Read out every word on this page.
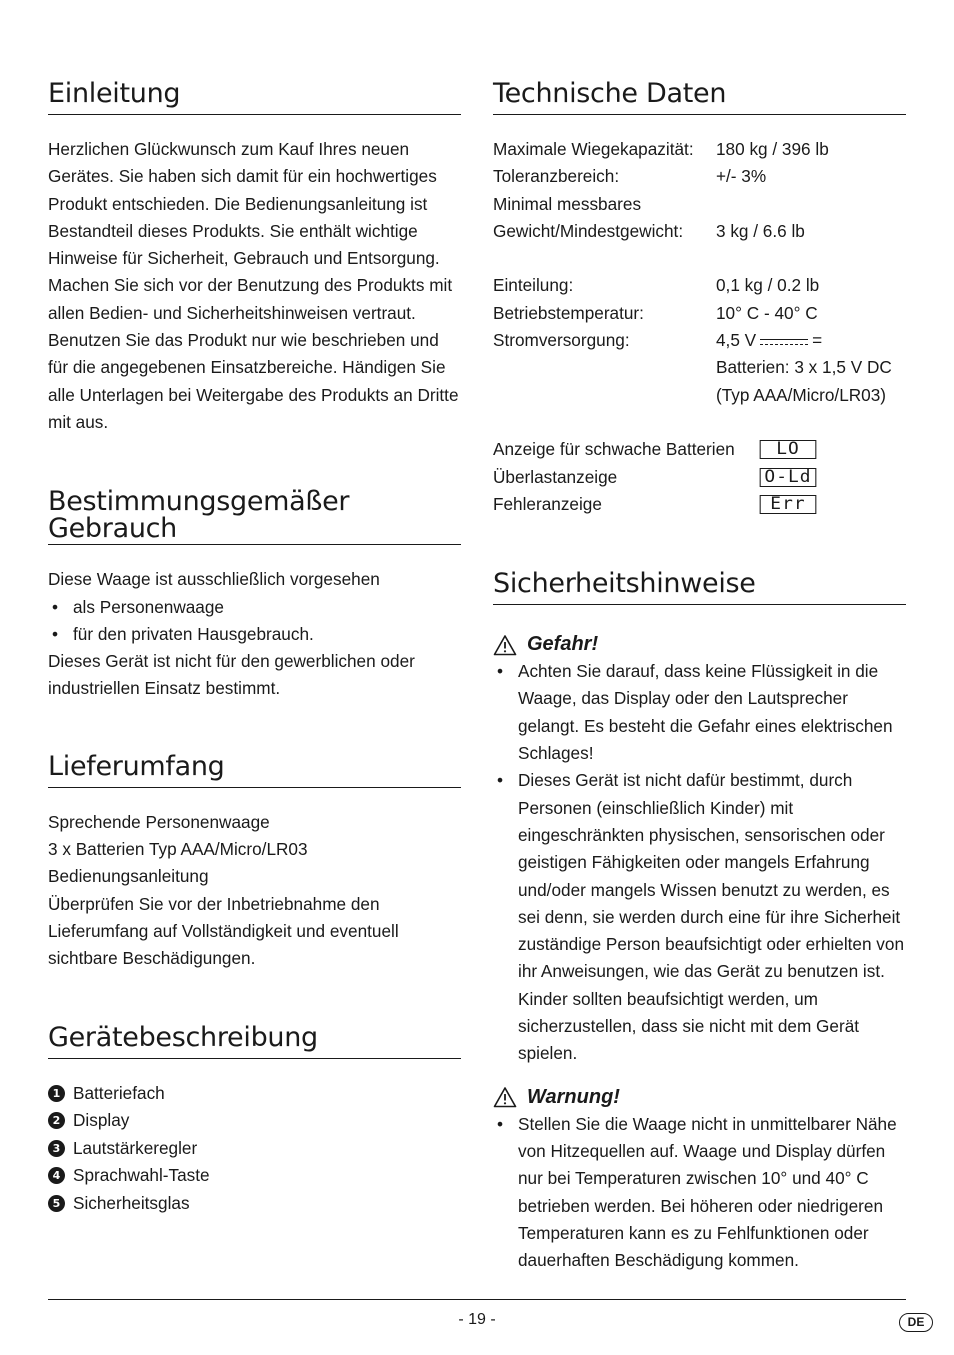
Einleitung

Herzlichen Glückwunsch zum Kauf Ihres neuen Gerätes. Sie haben sich damit für ein hochwertiges Produkt entschieden. Die Bedienungsanleitung ist Bestandteil dieses Produkts. Sie enthält wichtige Hinweise für Sicherheit, Gebrauch und Entsorgung. Machen Sie sich vor der Benutzung des Produkts mit allen Bedien- und Sicherheitshinweisen vertraut. Benutzen Sie das Produkt nur wie beschrieben und für die angegebenen Einsatzbereiche. Händigen Sie alle Unterlagen bei Weitergabe des Produkts an Dritte mit aus.

Bestimmungsgemäßer Gebrauch

Diese Waage ist ausschließlich vorgesehen

• als Personenwaage
• für den privaten Hausgebrauch.

Dieses Gerät ist nicht für den gewerblichen oder industriellen Einsatz bestimmt.

Lieferumfang

Sprechende Personenwaage

3 x Batterien Typ AAA/Micro/LR03

Bedienungsanleitung

Überprüfen Sie vor der Inbetriebnahme den Lieferumfang auf Vollständigkeit und eventuell sichtbare Beschädigungen.

Gerätebeschreibung
1 Batteriefach
2 Display
3 Lautstärkeregler
4 Sprachwahl-Taste
5 Sicherheitsglas
Technische Daten
Maximale Wiegekapazität:	180 kg / 396 lb
Toleranzbereich:	+/- 3%
Minimal messbares
Gewicht/Mindestgewicht:	3 kg / 6.6 lb
Einteilung:	0,1 kg / 0.2 lb
Betriebstemperatur:	10° C - 40° C
Stromversorgung:	4,5 V	=
Batterien: 3 x 1,5 V DC
(Typ AAA/Micro/LR03)
Anzeige für schwache Batterien	LO
Überlastanzeige	O-Ld
Fehleranzeige	Err
Sicherheitshinweise
Gefahr!
• Achten Sie darauf, dass keine Flüssigkeit in die Waage, das Display oder den Lautsprecher gelangt. Es besteht die Gefahr eines elektrischen Schlages!
• Dieses Gerät ist nicht dafür bestimmt, durch Personen (einschließlich Kinder) mit eingeschränkten physischen, sensorischen oder geistigen Fähigkeiten oder mangels Erfahrung und/oder mangels Wissen benutzt zu werden, es sei denn, sie werden durch eine für ihre Sicherheit zuständige Person beaufsichtigt oder erhielten von ihr Anweisungen, wie das Gerät zu benutzen ist. Kinder sollten beaufsichtigt werden, um sicherzustellen, dass sie nicht mit dem Gerät spielen.
Warnung!
• Stellen Sie die Waage nicht in unmittelbarer Nähe von Hitzequellen auf. Waage und Display dürfen nur bei Temperaturen zwischen 10° und 40° C betrieben werden. Bei höheren oder niedrigeren Temperaturen kann es zu Fehlfunktionen oder dauerhaften Beschädigung kommen.
- 19 -	DE
